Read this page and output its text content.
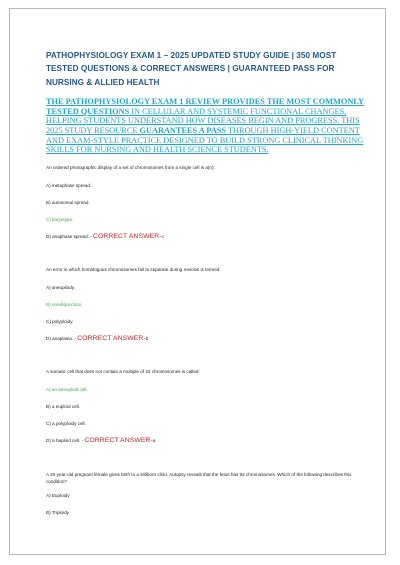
PATHOPHYSIOLOGY EXAM 1 – 2025 UPDATED STUDY GUIDE | 350 MOST TESTED QUESTIONS & CORRECT ANSWERS | GUARANTEED PASS FOR NURSING & ALLIED HEALTH

THE PATHOPHYSIOLOGY EXAM 1 REVIEW PROVIDES THE MOST COMMONLY TESTED QUESTIONS IN CELLULAR AND SYSTEMIC FUNCTIONAL CHANGES, HELPING STUDENTS UNDERSTAND HOW DISEASES BEGIN AND PROGRESS. THIS 2025 STUDY RESOURCE GUARANTEES A PASS THROUGH HIGH-YIELD CONTENT AND EXAM-STYLE PRACTICE DESIGNED TO BUILD STRONG CLINICAL THINKING SKILLS FOR NURSING AND HEALTH SCIENCE STUDENTS.

An ordered photographic display of a set of chromosomes from a single cell is a(n):
A) metaphase spread.
B) autosomal spread.
C) karyotype.
D) anaphase spread. - CORRECT ANSWER-c
An error in which homologous chromosomes fail to separate during meiosis is termed:
A) aneuploidy.
B) nondisjunction.
C) polyploidy.
D) anaplasia. - CORRECT ANSWER-b
A somatic cell that does not contain a multiple of 23 chromosomes is called:
A) an aneuploid cell.
B) a euploid cell.
C) a polyploidy cell.
D) a haploid cell. - CORRECT ANSWER-a
A 20-year-old pregnant female gives birth to a stillborn child. Autopsy reveals that the fetus has 92 chromosomes. Which of the following describes this condition?
A) Euploidy
B) Triploidy
